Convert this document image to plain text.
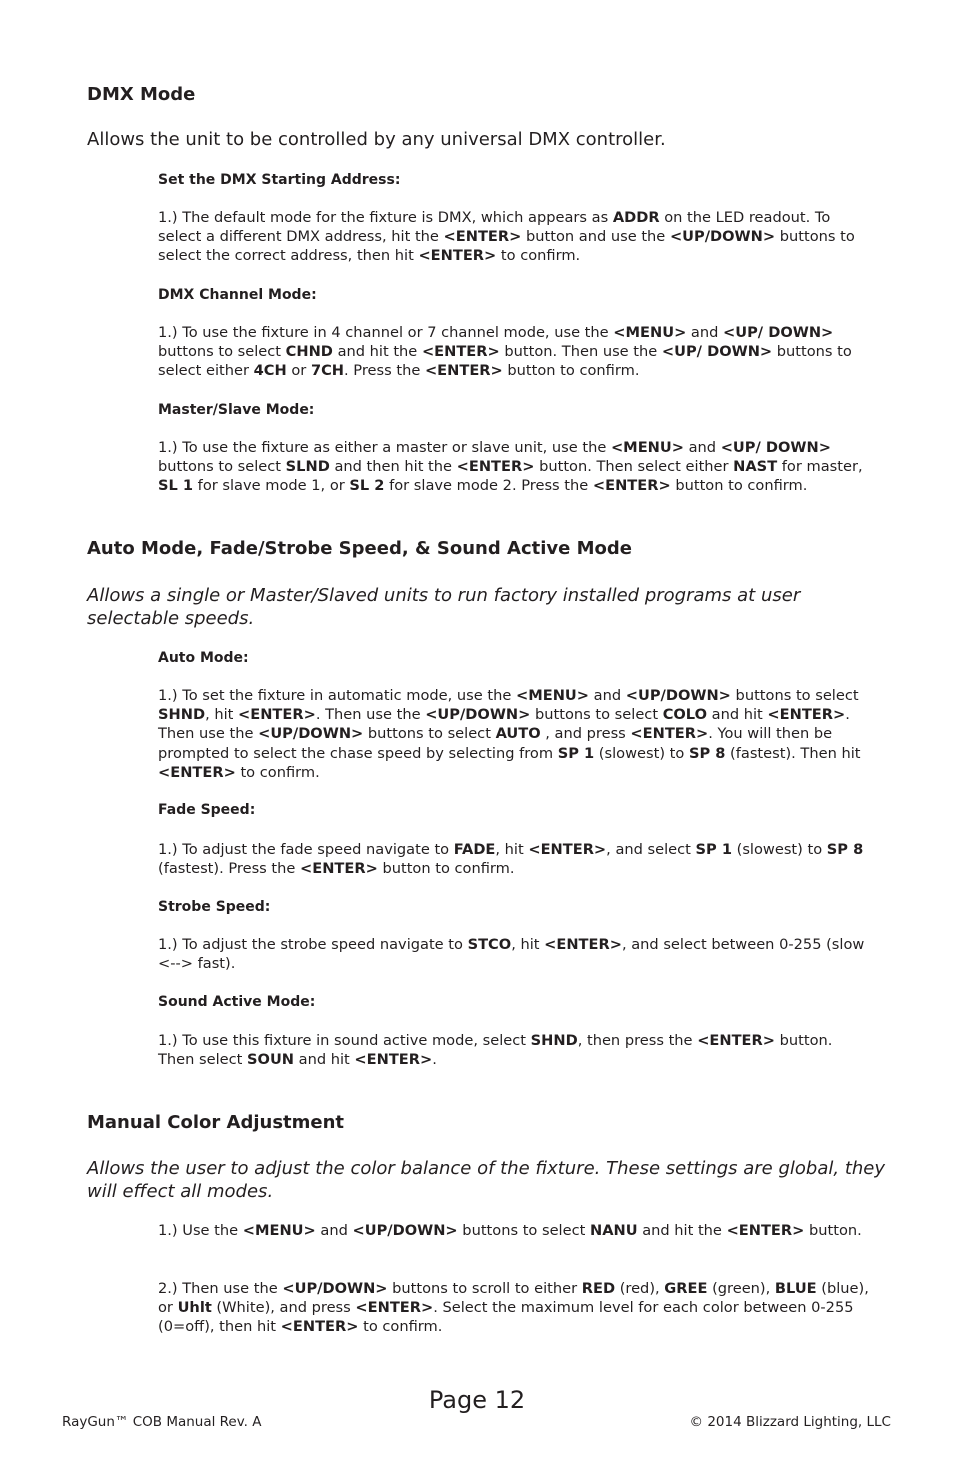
DMX Mode

Allows the unit to be controlled by any universal DMX controller.

Set the DMX Starting Address:

1.) The default mode for the fixture is DMX, which appears as ADDR on the LED readout. To select a different DMX address, hit the <ENTER> button and use the <UP/DOWN> buttons to select the correct address, then hit <ENTER> to confirm.

DMX Channel Mode:

1.) To use the fixture in 4 channel or 7 channel mode, use the <MENU> and <UP/ DOWN> buttons to select CHND and hit the <ENTER> button. Then use the <UP/ DOWN> buttons to select either 4CH or 7CH. Press the <ENTER> button to confirm.

Master/Slave Mode:

1.) To use the fixture as either a master or slave unit, use the <MENU> and <UP/ DOWN> buttons to select SLND and then hit the <ENTER> button. Then select either NAST for master, SL 1 for slave mode 1, or SL 2 for slave mode 2. Press the <ENTER> button to confirm.

Auto Mode, Fade/Strobe Speed, & Sound Active Mode

Allows a single or Master/Slaved units to run factory installed programs at user selectable speeds.

Auto Mode:

1.) To set the fixture in automatic mode, use the <MENU> and <UP/DOWN> buttons to select SHND, hit <ENTER>. Then use the <UP/DOWN> buttons to select COLO and hit <ENTER>. Then use the <UP/DOWN> buttons to select AUTO , and press <ENTER>. You will then be prompted to select the chase speed by selecting from SP 1 (slowest) to SP 8 (fastest). Then hit <ENTER> to confirm.

Fade Speed:

1.) To adjust the fade speed navigate to FADE, hit <ENTER>, and select SP 1 (slowest) to SP 8 (fastest). Press the <ENTER> button to confirm.

Strobe Speed:

1.) To adjust the strobe speed navigate to STCO, hit <ENTER>, and select between 0-255 (slow <--> fast).

Sound Active Mode:

1.) To use this fixture in sound active mode, select SHND, then press the <ENTER> button. Then select SOUN and hit <ENTER>.

Manual Color Adjustment

Allows the user to adjust the color balance of the fixture. These settings are global, they will effect all modes.

1.) Use the <MENU> and <UP/DOWN> buttons to select NANU and hit the <ENTER> button.

2.) Then use the <UP/DOWN> buttons to scroll to either RED (red), GREE (green), BLUE (blue), or Uhlt (White), and press <ENTER>. Select the maximum level for each color between 0-255 (0=off), then hit <ENTER> to confirm.

Page 12
RayGun™ COB Manual Rev. A	© 2014 Blizzard Lighting, LLC
